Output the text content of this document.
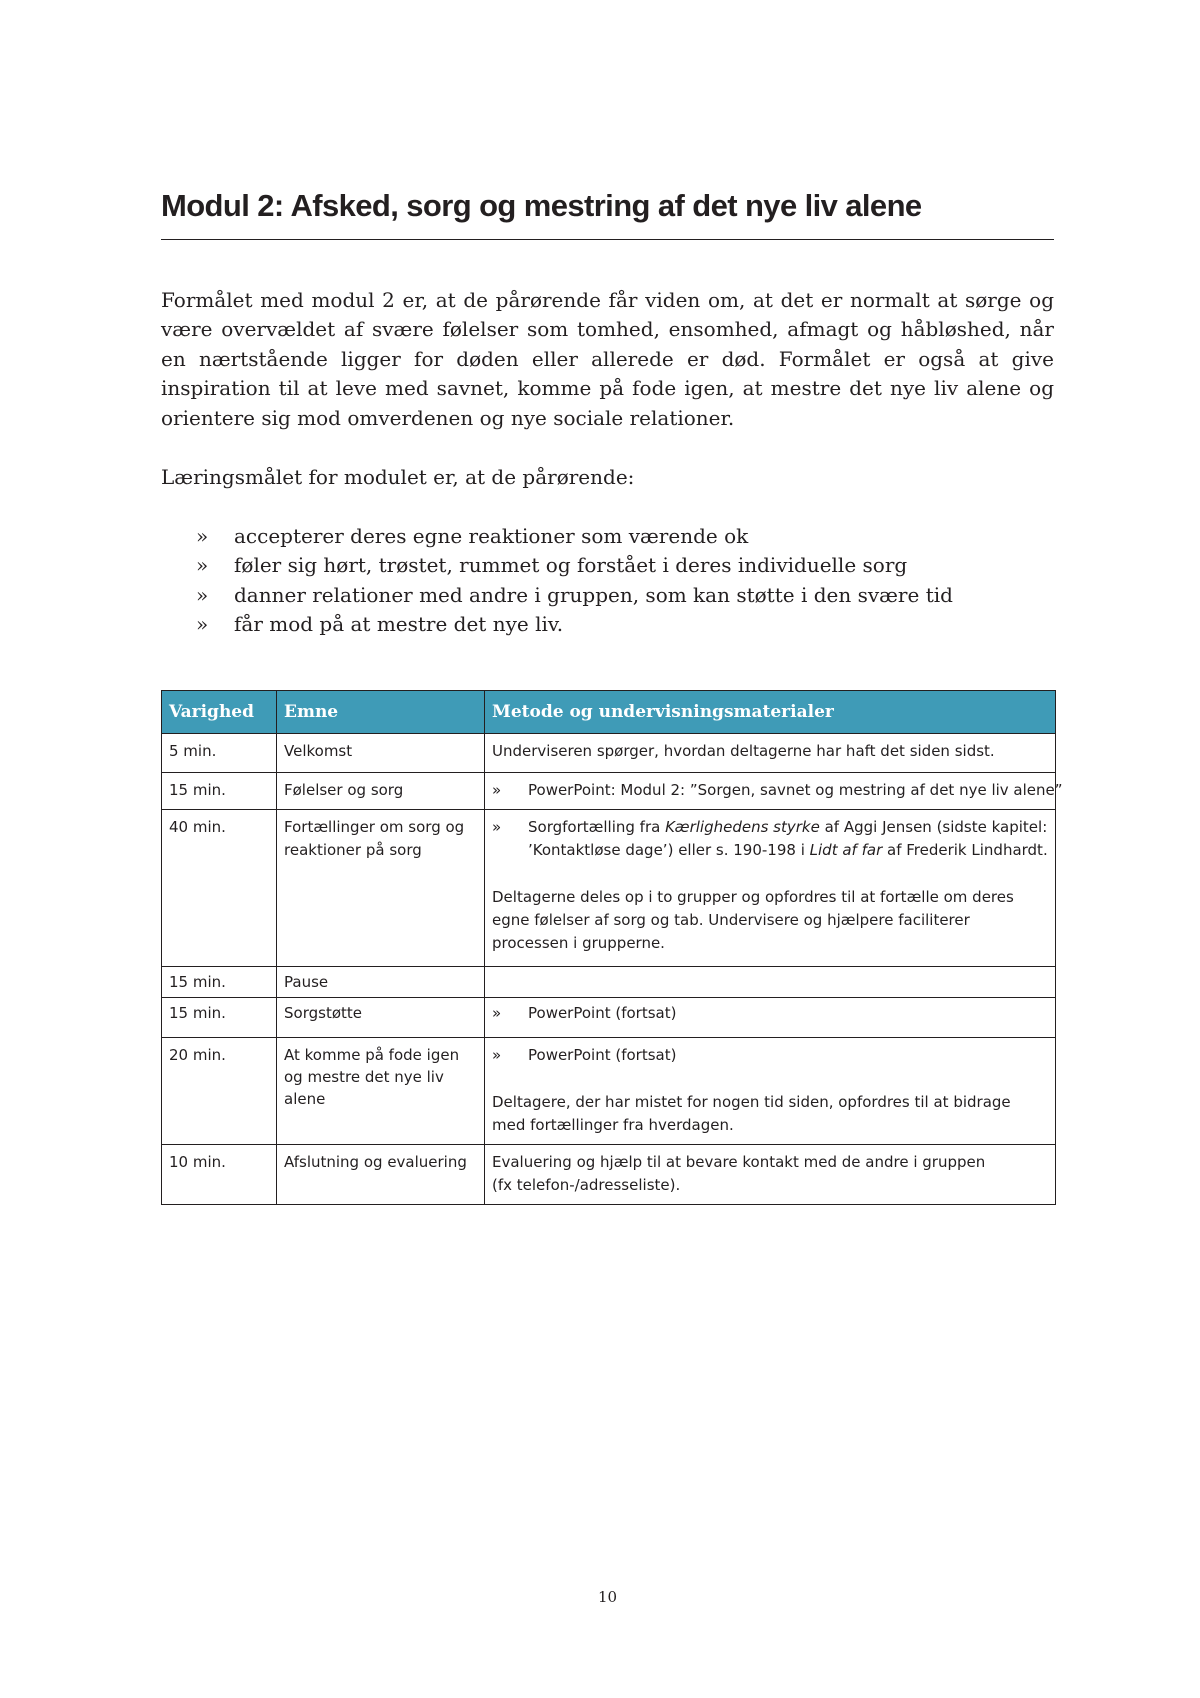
Modul 2: Afsked, sorg og mestring af det nye liv alene

Formålet med modul 2 er, at de pårørende får viden om, at det er normalt at sørge og være overvældet af svære følelser som tomhed, ensomhed, afmagt og håbløshed, når en nærtstående ligger for døden eller allerede er død. Formålet er også at give inspiration til at leve med savnet, komme på fode igen, at mestre det nye liv alene og orientere sig mod omverdenen og nye sociale relationer.

Læringsmålet for modulet er, at de pårørende:

» accepterer deres egne reaktioner som værende ok
» føler sig hørt, trøstet, rummet og forstået i deres individuelle sorg
» danner relationer med andre i gruppen, som kan støtte i den svære tid
» får mod på at mestre det nye liv.
Varighed	Emne	Metode og undervisningsmaterialer
5 min.	Velkomst	Underviseren spørger, hvordan deltagerne har haft det siden sidst.
15 min.	Følelser og sorg	» PowerPoint: Modul 2: ”Sorgen, savnet og mestring af det nye liv alene”

40 min.	Fortællinger om sorg og reaktioner på sorg	» Sorgfortælling fra Kærlighedens styrke af Aggi Jensen (sidste kapitel: ’Kontaktløse dage’) eller s. 190-198 i Lidt af far af Frederik Lindhardt.
Deltagerne deles op i to grupper og opfordres til at fortælle om deres egne følelser af sorg og tab. Undervisere og hjælpere faciliterer processen i grupperne.

15 min.	Pause	
15 min.	Sorgstøtte	» PowerPoint (fortsat)

20 min.	At komme på fode igen og mestre det nye liv alene	» PowerPoint (fortsat)
Deltagere, der har mistet for nogen tid siden, opfordres til at bidrage med fortællinger fra hverdagen.

10 min.	Afslutning og evaluering	Evaluering og hjælp til at bevare kontakt med de andre i gruppen
(fx telefon-/adresseliste).
10
